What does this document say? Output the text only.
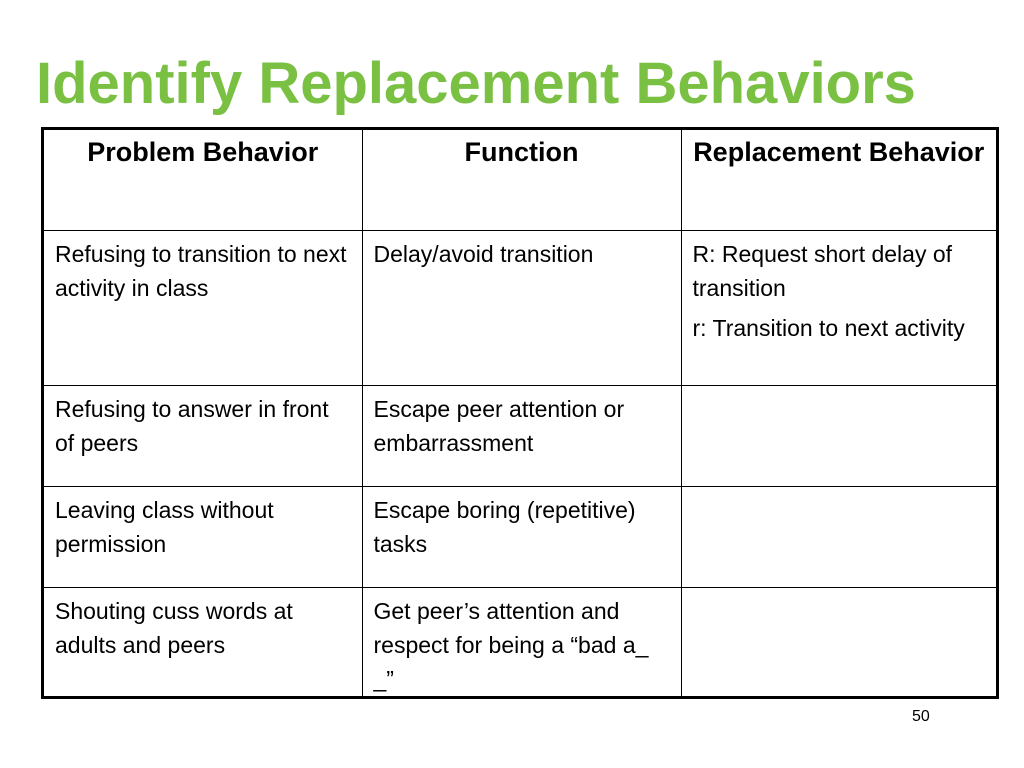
Identify Replacement Behaviors
Problem Behavior	Function	Replacement Behavior
Refusing to transition to next activity in class	Delay/avoid transition	R: Request short delay of transition
r: Transition to next activity

Refusing to answer in front of peers	Escape peer attention or embarrassment	
Leaving class without permission	Escape boring (repetitive) tasks	
Shouting cuss words at adults and peers	Get peer’s attention and respect for being a “bad a_ _”	
50
